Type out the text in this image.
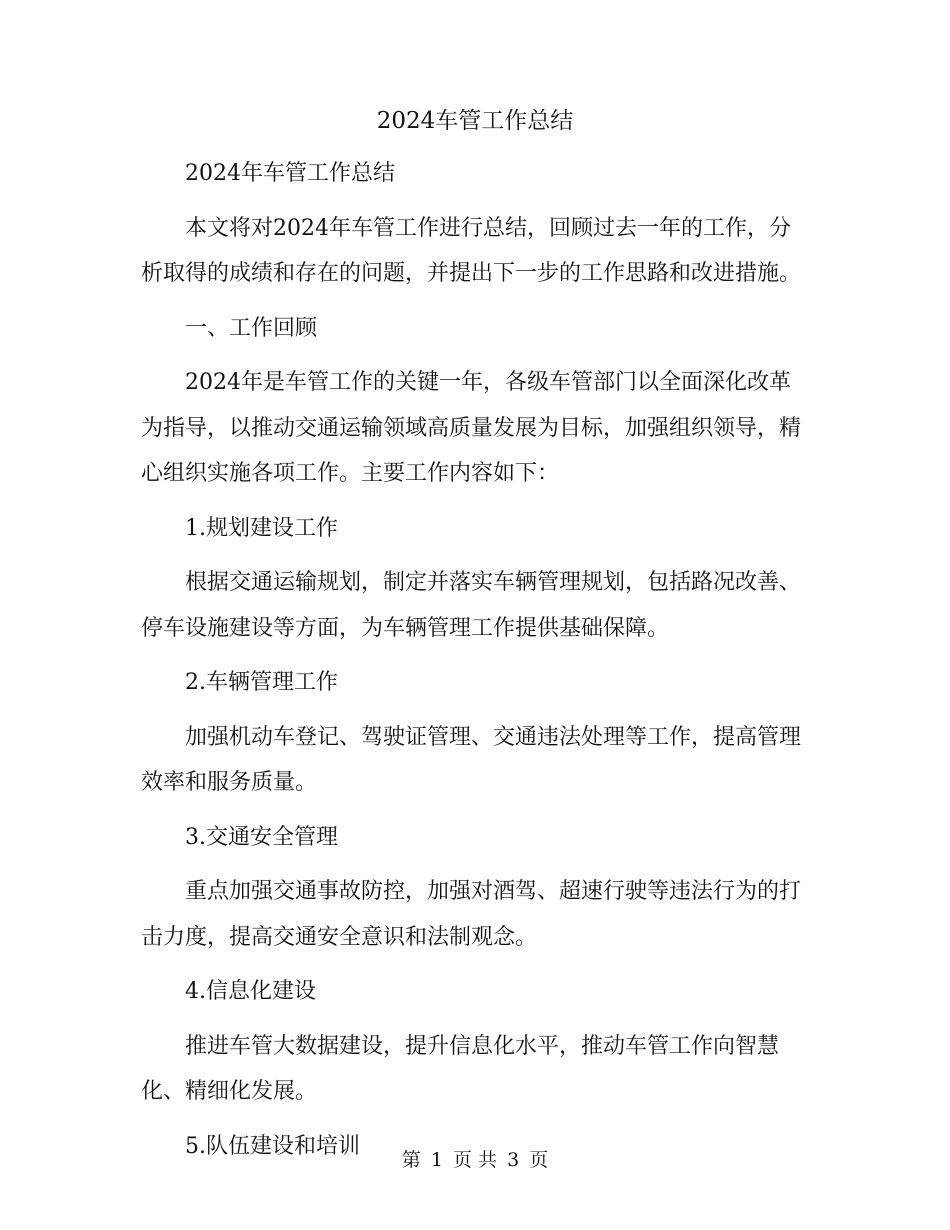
2024车管工作总结

2024年车管工作总结

本文将对2024年车管工作进行总结，回顾过去一年的工作，分析取得的成绩和存在的问题，并提出下一步的工作思路和改进措施。

一、工作回顾

2024年是车管工作的关键一年，各级车管部门以全面深化改革为指导，以推动交通运输领域高质量发展为目标，加强组织领导，精心组织实施各项工作。主要工作内容如下：

1.规划建设工作

根据交通运输规划，制定并落实车辆管理规划，包括路况改善、停车设施建设等方面，为车辆管理工作提供基础保障。

2.车辆管理工作

加强机动车登记、驾驶证管理、交通违法处理等工作，提高管理效率和服务质量。

3.交通安全管理

重点加强交通事故防控，加强对酒驾、超速行驶等违法行为的打击力度，提高交通安全意识和法制观念。

4.信息化建设

推进车管大数据建设，提升信息化水平，推动车管工作向智慧化、精细化发展。

5.队伍建设和培训

第 1 页 共 3 页
